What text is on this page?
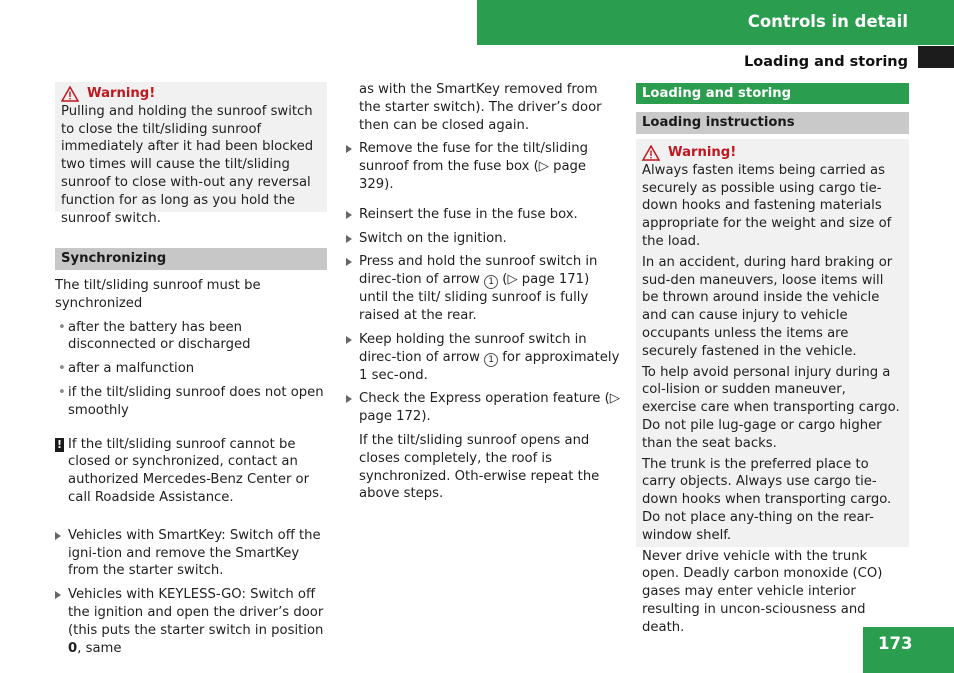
Controls in detail
Loading and storing
Warning!

Pulling and holding the sunroof switch to close the tilt/sliding sunroof immediately after it had been blocked two times will cause the tilt/sliding sunroof to close with-out any reversal function for as long as you hold the sunroof switch.

Synchronizing

The tilt/sliding sunroof must be synchronized

• after the battery has been disconnected or discharged
• after a malfunction
• if the tilt/sliding sunroof does not open smoothly
! If the tilt/sliding sunroof cannot be closed or synchronized, contact an authorized Mercedes-Benz Center or call Roadside Assistance.
Vehicles with SmartKey: Switch off the igni-tion and remove the SmartKey from the starter switch.
Vehicles with KEYLESS-GO: Switch off the ignition and open the driver’s door (this puts the starter switch in position 0, same

as with the SmartKey removed from the starter switch). The driver’s door then can be closed again.

Remove the fuse for the tilt/sliding sunroof from the fuse box (▷ page 329).
Reinsert the fuse in the fuse box.
Switch on the ignition.
Press and hold the sunroof switch in direc-tion of arrow 1 (▷ page 171) until the tilt/ sliding sunroof is fully raised at the rear.
Keep holding the sunroof switch in direc-tion of arrow 1 for approximately 1 sec-ond.
Check the Express operation feature (▷ page 172).

If the tilt/sliding sunroof opens and closes completely, the roof is synchronized. Oth-erwise repeat the above steps.

Loading and storing
Loading instructions
Warning!

Always fasten items being carried as securely as possible using cargo tie-down hooks and fastening materials appropriate for the weight and size of the load.

In an accident, during hard braking or sud-den maneuvers, loose items will be thrown around inside the vehicle and can cause injury to vehicle occupants unless the items are securely fastened in the vehicle.

To help avoid personal injury during a col-lision or sudden maneuver, exercise care when transporting cargo. Do not pile lug-gage or cargo higher than the seat backs.

The trunk is the preferred place to carry objects. Always use cargo tie-down hooks when transporting cargo. Do not place any-thing on the rear-window shelf.

Never drive vehicle with the trunk open. Deadly carbon monoxide (CO) gases may enter vehicle interior resulting in uncon-sciousness and death.

173
